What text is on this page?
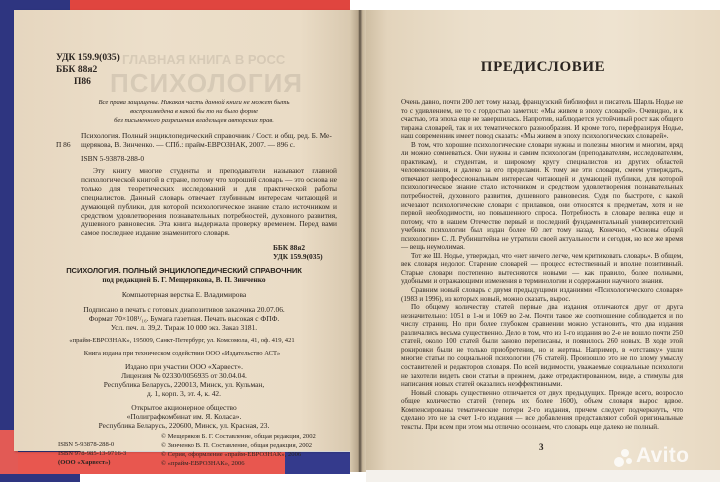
ГЛАВНАЯ КНИГА В РОСС
ПСИХОЛОГИЯ
УДК 159.9(035)
ББК 88я2
П86
Все права защищены. Никакая часть данной книги не может быть
воспроизведена в какой бы то ни было форме
без письменного разрешения владельцев авторских прав.
П 86
Психология. Полный энциклопедический справочник / Сост. и общ. ред. Б. Ме-
щерякова, В. Зинченко. — СПб.: прайм-ЕВРОЗНАК, 2007. — 896 с.
ISBN 5-93878-288-0
Эту книгу многие студенты и преподаватели называют главной психологической книгой в стране, потому что хороший словарь — это основа не только для теоретических исследований и для практической работы специалистов. Данный словарь отвечает глубинным интересам читающей и думающей публики, для которой психологическое знание стало источником и средством удовлетворения познавательных потребностей, духовного развития, душевного равновесия. Эта книга выдержала проверку временем. Перед вами самое последнее издание знаменитого словаря.
ББК 88я2
УДК 159.9(035)
ПСИХОЛОГИЯ. ПОЛНЫЙ ЭНЦИКЛОПЕДИЧЕСКИЙ СПРАВОЧНИК
под редакцией Б. Г. Мещерякова, В. П. Зинченко
Компьютерная верстка Е. Владимирова
Подписано в печать с готовых диапозитивов заказчика 20.07.06.
Формат 70×108¹/₁₆. Бумага газетная. Печать высокая с ФПФ.
Усл. печ. л. 39,2. Тираж 10 000 экз. Заказ 3181.
«прайм-ЕВРОЗНАК», 195009, Санкт-Петербург, ул. Комсомола, 41, оф. 419, 421
Книга издана при техническом содействии ООО «Издательство АСТ»
Издано при участии ООО «Харвест».
Лицензия № 02330/0056935 от 30.04.04.
Республика Беларусь, 220013, Минск, ул. Кульман,
д. 1, корп. 3, эт. 4, к. 42.
Открытое акционерное общество
«Полиграфкомбинат им. Я. Коласа».
Республика Беларусь, 220600, Минск, ул. Красная, 23.
ISBN 5-93878-288-0
ISBN 978-985-13-9716-3
(ООО «Харвест»)
© Мещеряков Б. Г. Составление, общая редакция, 2002
© Зинченко В. П. Составление, общая редакция, 2002
© Серия, оформление «прайм-ЕВРОЗНАК», 2006
© «прайм-ЕВРОЗНАК», 2006
ПРЕДИСЛОВИЕ
Очень давно, почти 200 лет тому назад, французский библиофил и писатель Шарль Нодье не то с удивлением, не то с гордостью заметил: «Мы живем в эпоху словарей». Очевидно, и к счастью, эта эпоха еще не завершилась. Напротив, наблюдается устойчивый рост как общего тиража словарей, так и их тематического разнообразия. И кроме того, перефразируя Нодье, наш современник имеет повод сказать: «Мы живем в эпоху психологических словарей».
В том, что хорошие психологические словари нужны и полезны многим и многим, вряд ли можно сомневаться. Они нужны и самим психологам (преподавателям, исследователям, практикам), и студентам, и широкому кругу специалистов из других областей человекознания, и далеко за его пределами. К тому же эти словари, смеем утверждать, отвечают непрофессиональным интересам читающей и думающей публики, для которой психологическое знание стало источником и средством удовлетворения познавательных потребностей, духовного развития, душевного равновесия. Судя по быстроте, с какой исчезают психологические словари с прилавков, они относятся к предметам, хотя и не первой необходимости, но повышенного спроса. Потребность в словаре велика еще и потому, что в нашем Отечестве первый и последний фундаментальный университетский учебник психологии был издан более 60 лет тому назад. Конечно, «Основы общей психологии» С. Л. Рубинштейна не утратили своей актуальности и сегодня, но все же время — вещь неумолимая.
Тот же Ш. Нодье, утверждал, что «нет ничего легче, чем критиковать словарь». В общем, век словаря недолог. Старение словарей — процесс естественный и вполне позитивный. Старые словари постепенно вытесняются новыми — как правило, более полными, удобными и отражающими изменения в терминологии и содержании научного знания.
Сравним новый словарь с двумя предыдущими изданиями «Психологического словаря» (1983 и 1996), из которых новый, можно сказать, вырос.
По общему количеству статей первые два издания отличаются друг от друга незначительно: 1051 в 1-м и 1069 во 2-м. Почти такое же соотношение соблюдается и по числу страниц. Но при более глубоком сравнении можно установить, что два издания различались весьма существенно. Дело в том, что из 1-го издания во 2-е не вошло почти 250 статей, около 100 статей были заново переписаны, и появилось 260 новых. В ходе этой рокировки были не только приобретения, но и жертвы. Например, в «отставку» ушли многие статьи по социальной психологии (76 статей). Произошло это не по злому умыслу составителей и редакторов словаря. По всей видимости, уважаемые социальные психологи не захотели видеть свои статьи в прежнем, даже отредактированном, виде, а стимулы для написания новых статей оказались неэффективными.
Новый словарь существенно отличается от двух предыдущих. Прежде всего, возросло общее количество статей (теперь их более 1600), объем словаря вырос вдвое. Компенсированы тематические потери 2-го издания, причем следует подчеркнуть, что сделано это не за счет 1-го издания — все добавления представляют собой оригинальные тексты. При всем при этом мы отлично осознаем, что словарь еще далеко не полный.
3	Avito
